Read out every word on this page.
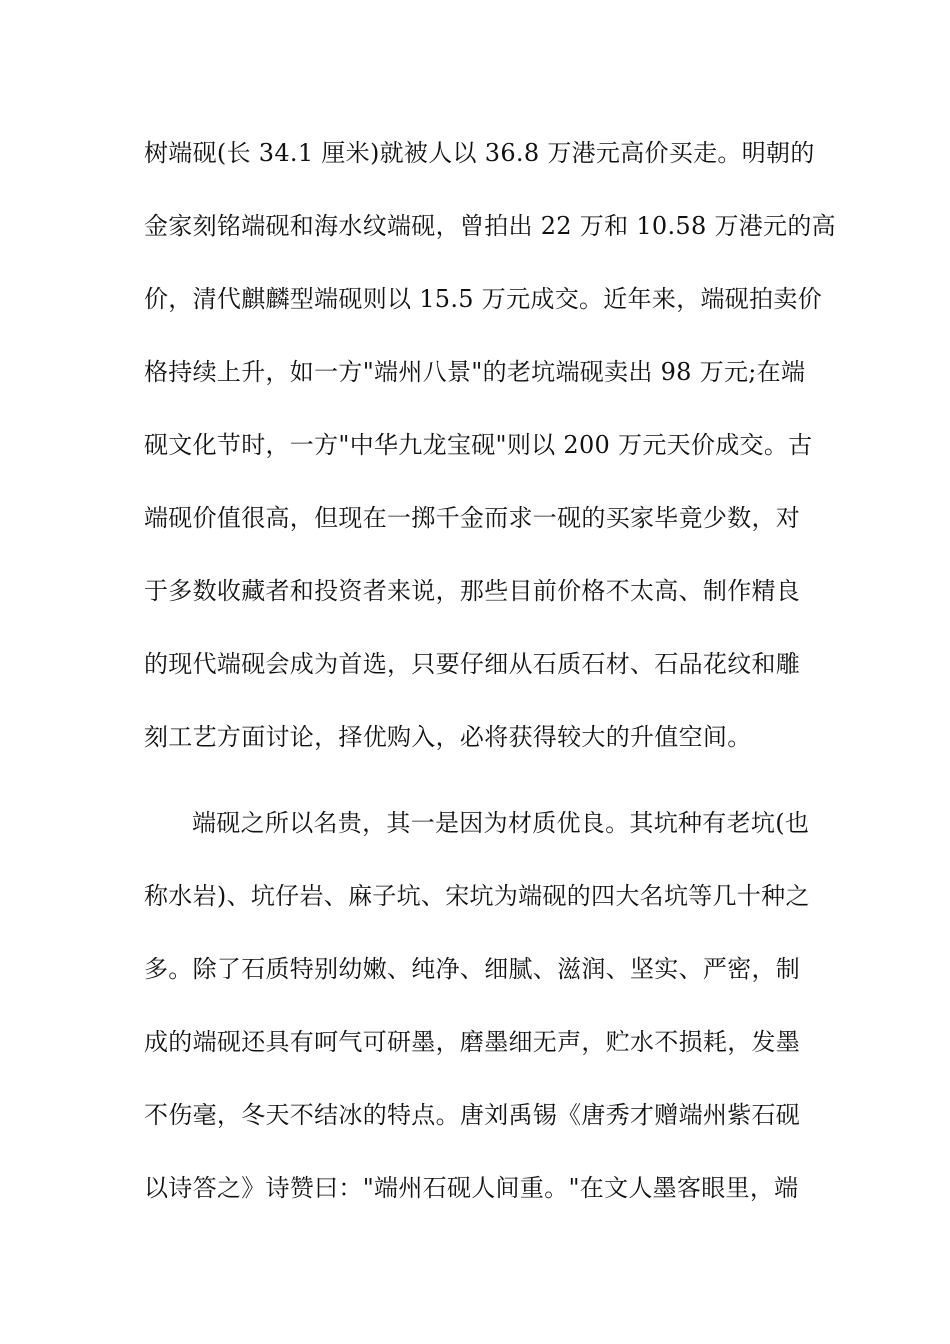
树端砚(长 34.1 厘米)就被人以 36.8 万港元高价买走。明朝的
金家刻铭端砚和海水纹端砚，曾拍出 22 万和 10.58 万港元的高
价，清代麒麟型端砚则以 15.5 万元成交。近年来，端砚拍卖价
格持续上升，如一方"端州八景"的老坑端砚卖出 98 万元;在端
砚文化节时，一方"中华九龙宝砚"则以 200 万元天价成交。古
端砚价值很高，但现在一掷千金而求一砚的买家毕竟少数，对
于多数收藏者和投资者来说，那些目前价格不太高、制作精良
的现代端砚会成为首选，只要仔细从石质石材、石品花纹和雕
刻工艺方面讨论，择优购入，必将获得较大的升值空间。
端砚之所以名贵，其一是因为材质优良。其坑种有老坑(也
称水岩)、坑仔岩、麻子坑、宋坑为端砚的四大名坑等几十种之
多。除了石质特别幼嫩、纯净、细腻、滋润、坚实、严密，制
成的端砚还具有呵气可研墨，磨墨细无声，贮水不损耗，发墨
不伤毫，冬天不结冰的特点。唐刘禹锡《唐秀才赠端州紫石砚
以诗答之》诗赞曰："端州石砚人间重。"在文人墨客眼里，端
